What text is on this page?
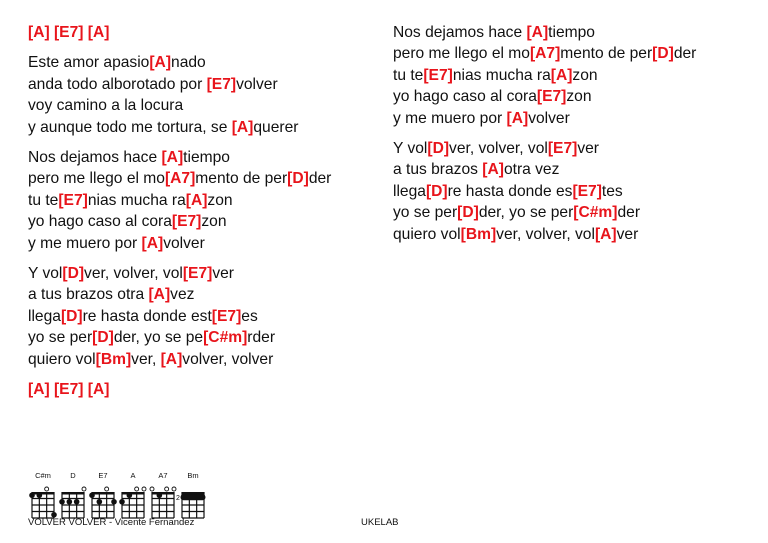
[A] [E7] [A]
Este amor apasio[A]nado
anda todo alborotado por [E7]volver
voy camino a la locura
y aunque todo me tortura, se [A]querer
Nos dejamos hace [A]tiempo
pero me llego el mo[A7]mento de per[D]der
tu te[E7]nias mucha ra[A]zon
yo hago caso al cora[E7]zon
y me muero por [A]volver
Y vol[D]ver, volver, vol[E7]ver
a tus brazos otra [A]vez
llega[D]re hasta donde est[E7]es
yo se per[D]der, yo se pe[C#m]rder
quiero vol[Bm]ver, [A]volver, volver
[A] [E7] [A]
Nos dejamos hace [A]tiempo
pero me llego el mo[A7]mento de per[D]der
tu te[E7]nias mucha ra[A]zon
yo hago caso al cora[E7]zon
y me muero por [A]volver
Y vol[D]ver, volver, vol[E7]ver
a tus brazos [A]otra vez
llega[D]re hasta donde es[E7]tes
yo se per[D]der, yo se per[C#m]der
quiero vol[Bm]ver, volver, vol[A]ver
C#m	D	E7	A	A7	Bm
2
VOLVER VOLVER - Vicente Fernandez	UKELAB
